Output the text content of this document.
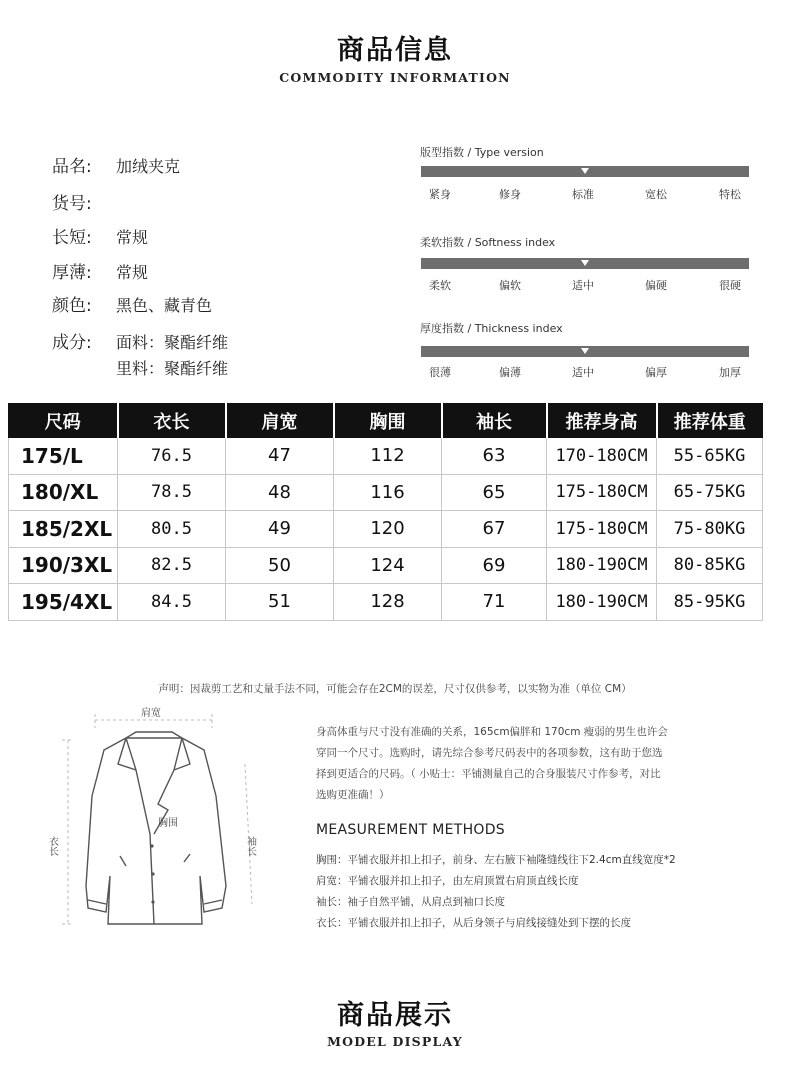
商品信息
COMMODITY INFORMATION
品名: 加绒夹克
货号:
长短: 常规
厚薄: 常规
颜色: 黑色、藏青色
成分: 面料：聚酯纤维
里料：聚酯纤维
版型指数 / Type version
紧身	修身	标准	宽松	特松
柔软指数 / Softness index
柔软	偏软	适中	偏硬	很硬
厚度指数 / Thickness index
很薄	偏薄	适中	偏厚	加厚
尺码	衣长	肩宽	胸围	袖长	推荐身高	推荐体重
175/L	76.5	47	112	63	170-180CM	55-65KG
180/XL	78.5	48	116	65	175-180CM	65-75KG
185/2XL	80.5	49	120	67	175-180CM	75-80KG
190/3XL	82.5	50	124	69	180-190CM	80-85KG
195/4XL	84.5	51	128	71	180-190CM	85-95KG
声明：因裁剪工艺和丈量手法不同，可能会存在2CM的误差，尺寸仅供参考，以实物为准（单位 CM）
肩宽
胸围
衣长	袖长

身高体重与尺寸没有准确的关系，165cm偏胖和 170cm 瘦弱的男生也许会

穿同一个尺寸。选购时，请先综合参考尺码表中的各项参数，这有助于您选

择到更适合的尺码。（ 小贴士：平铺测量自己的合身服装尺寸作参考，对比

选购更准确！）

MEASUREMENT METHODS

胸围：平铺衣服并扣上扣子，前身、左右腋下袖隆缝线往下2.4cm直线宽度*2

肩宽：平铺衣服并扣上扣子，由左肩顶置右肩顶直线长度

袖长：袖子自然平铺，从肩点到袖口长度

衣长：平铺衣服并扣上扣子，从后身领子与肩线接缝处到下摆的长度

商品展示
MODEL DISPLAY
